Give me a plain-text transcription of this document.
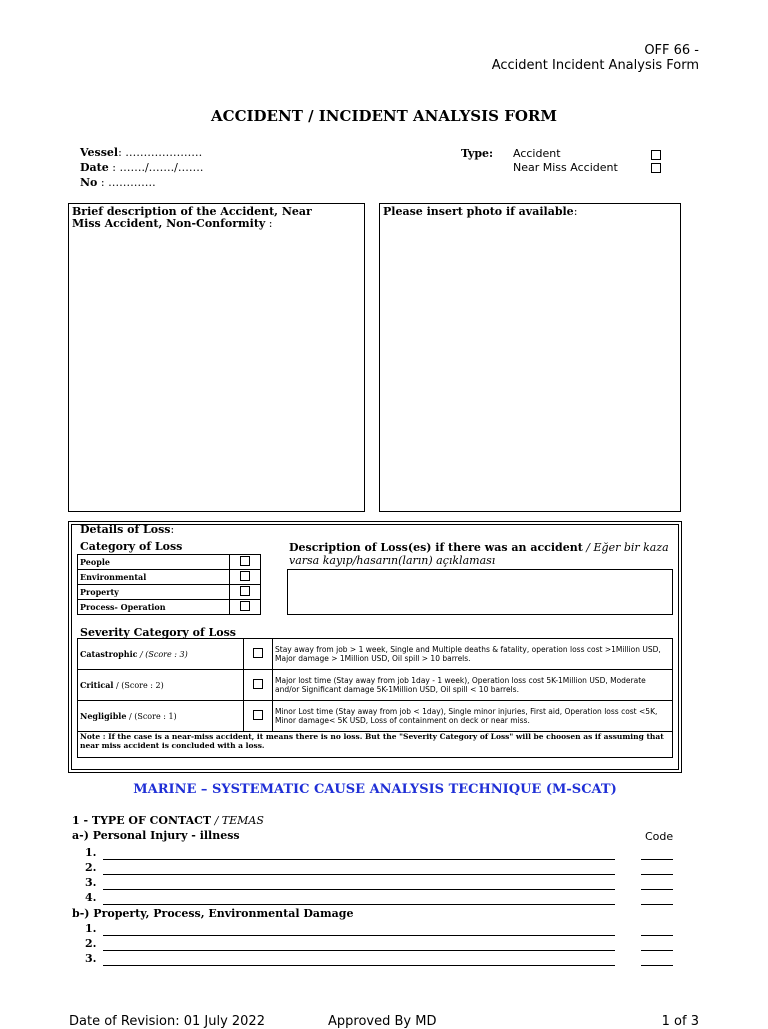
OFF 66 -
Accident Incident Analysis Form
ACCIDENT / INCIDENT ANALYSIS FORM
Vessel: …………………
Date : ……./……./…….
No : ………….
Type: Accident
Near Miss Accident
Brief description of the Accident, Near Miss Accident, Non-Conformity :
Please insert photo if available:
Details of Loss:
Category of Loss
People	
Environmental	
Property	
Process- Operation	
Description of Loss(es) if there was an accident / Eğer bir kaza varsa kayıp/hasarın(ların) açıklaması
Severity Category of Loss
Catastrophic / (Score : 3)		Stay away from job > 1 week, Single and Multiple deaths & fatality, operation loss cost >1Million USD, Major damage > 1Million USD, Oil spill > 10 barrels.
Critical / (Score : 2)		Major lost time (Stay away from job 1day - 1 week), Operation loss cost 5K-1Million USD, Moderate and/or Significant damage 5K-1Million USD, Oil spill < 10 barrels.
Negligible / (Score : 1)		Minor Lost time (Stay away from job < 1day), Single minor injuries, First aid, Operation loss cost <5K, Minor damage< 5K USD, Loss of containment on deck or near miss.
Note : If the case is a near-miss accident, it means there is no loss. But the "Severity Category of Loss" will be choosen as if assuming that near miss accident is concluded with a loss.		
MARINE – SYSTEMATIC CAUSE ANALYSIS TECHNIQUE (M-SCAT)
1 - TYPE OF CONTACT / TEMAS
a-) Personal Injury - illness	Code
1.
2.
3.
4.
b-) Property, Process, Environmental Damage
1.
2.
3.
Date of Revision: 01 July 2022	Approved By MD	1 of 3
